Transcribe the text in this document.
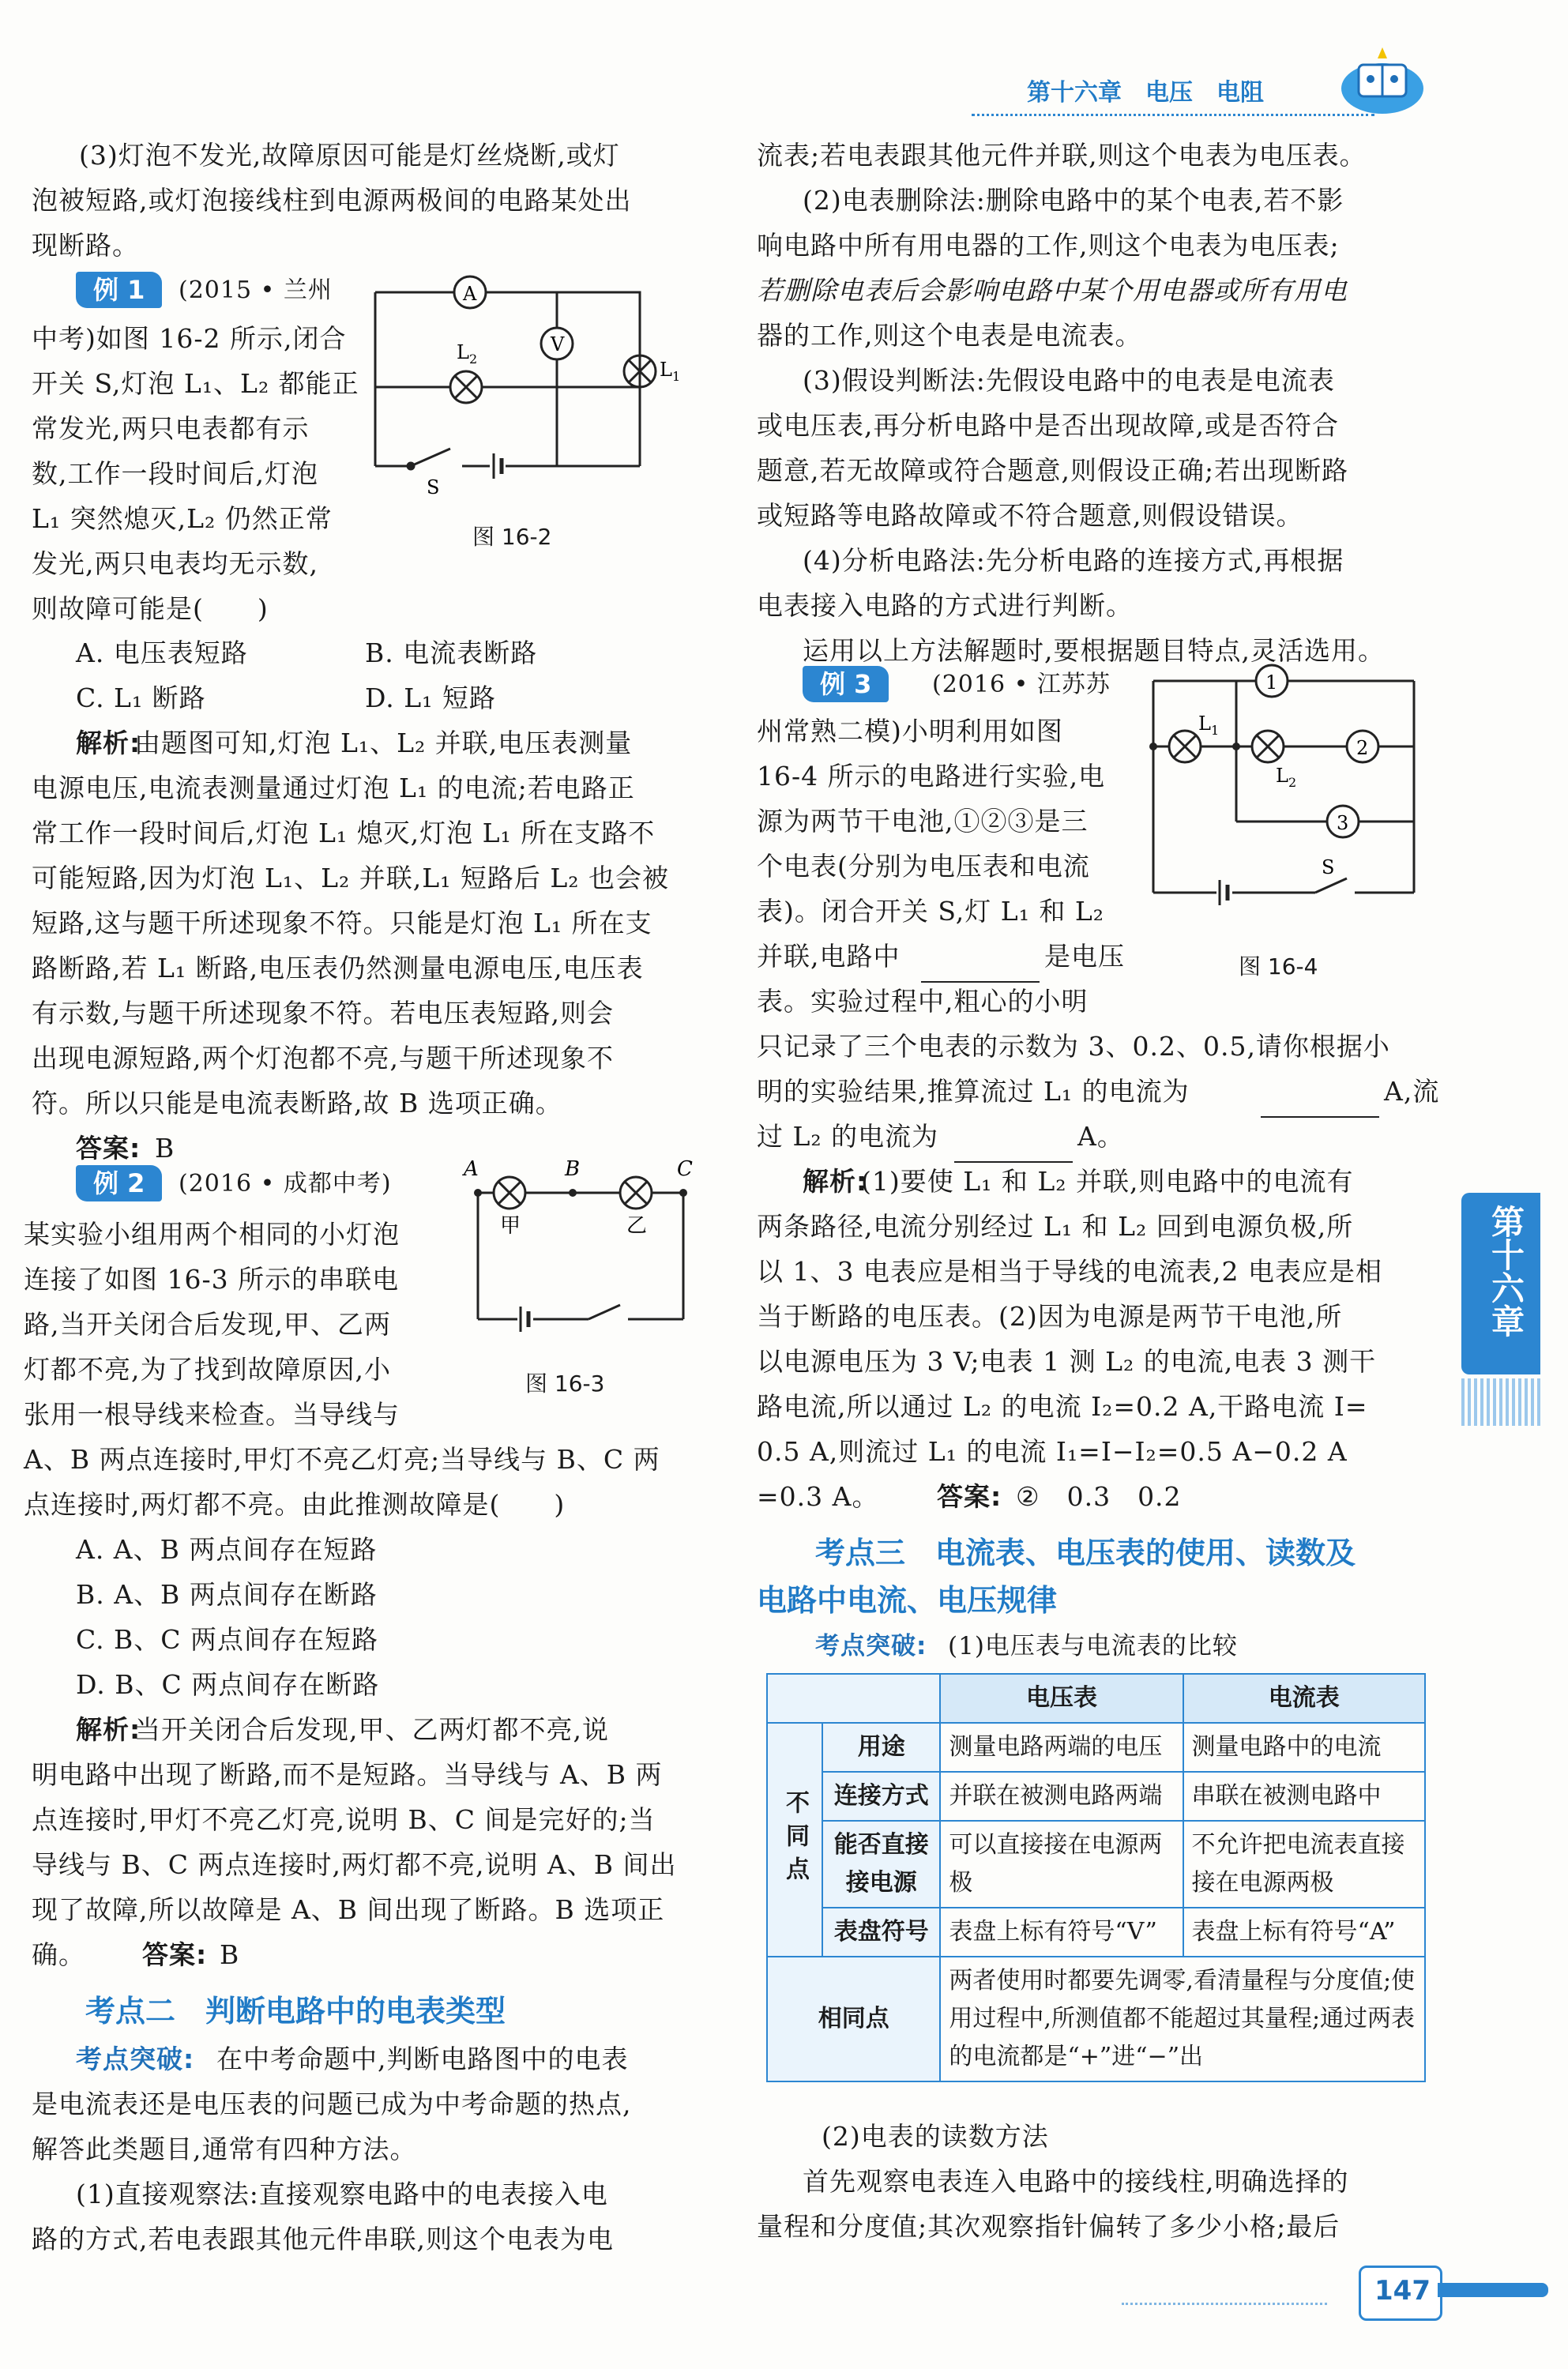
第十六章　电压　电阻
第十六章
(3)灯泡不发光,故障原因可能是灯丝烧断,或灯
泡被短路,或灯泡接线柱到电源两极间的电路某处出
现断路。
例 1	(2015 • 兰州
中考)如图 16-2 所示,闭合
开关 S,灯泡 L₁、L₂ 都能正
常发光,两只电表都有示
数,工作一段时间后,灯泡
L₁ 突然熄灭,L₂ 仍然正常
发光,两只电表均无示数,
则故障可能是(　　)
A
V
$L_2$	$L_1$
S
图 16-2
A. 电压表短路	B. 电流表断路
C. L₁ 断路	D. L₁ 短路
解析:
由题图可知,灯泡 L₁、L₂ 并联,电压表测量
电源电压,电流表测量通过灯泡 L₁ 的电流;若电路正
常工作一段时间后,灯泡 L₁ 熄灭,灯泡 L₁ 所在支路不
可能短路,因为灯泡 L₁、L₂ 并联,L₁ 短路后 L₂ 也会被
短路,这与题干所述现象不符。只能是灯泡 L₁ 所在支
路断路,若 L₁ 断路,电压表仍然测量电源电压,电压表
有示数,与题干所述现象不符。若电压表短路,则会
出现电源短路,两个灯泡都不亮,与题干所述现象不
符。所以只能是电流表断路,故 B 选项正确。
答案: B
例 2	(2016 • 成都中考)
某实验小组用两个相同的小灯泡
连接了如图 16-3 所示的串联电
路,当开关闭合后发现,甲、乙两
灯都不亮,为了找到故障原因,小
张用一根导线来检查。当导线与
A、B 两点连接时,甲灯不亮乙灯亮;当导线与 B、C 两
点连接时,两灯都不亮。由此推测故障是(　　)
A	B	C
甲	乙
图 16-3
A. A、B 两点间存在短路
B. A、B 两点间存在断路
C. B、C 两点间存在短路
D. B、C 两点间存在断路
解析:
当开关闭合后发现,甲、乙两灯都不亮,说
明电路中出现了断路,而不是短路。当导线与 A、B 两
点连接时,甲灯不亮乙灯亮,说明 B、C 间是完好的;当
导线与 B、C 两点连接时,两灯都不亮,说明 A、B 间出
现了故障,所以故障是 A、B 间出现了断路。B 选项正
确。	答案: B
考点二　判断电路中的电表类型
考点突破: 在中考命题中,判断电路图中的电表
是电流表还是电压表的问题已成为中考命题的热点,
解答此类题目,通常有四种方法。
(1)直接观察法:直接观察电路中的电表接入电
路的方式,若电表跟其他元件串联,则这个电表为电
流表;若电表跟其他元件并联,则这个电表为电压表。
(2)电表删除法:删除电路中的某个电表,若不影
响电路中所有用电器的工作,则这个电表为电压表;
若删除电表后会影响电路中某个用电器或所有用电
器的工作,则这个电表是电流表。
(3)假设判断法:先假设电路中的电表是电流表
或电压表,再分析电路中是否出现故障,或是否符合
题意,若无故障或符合题意,则假设正确;若出现断路
或短路等电路故障或不符合题意,则假设错误。
(4)分析电路法:先分析电路的连接方式,再根据
电表接入电路的方式进行判断。
运用以上方法解题时,要根据题目特点,灵活选用。
例 3	(2016 • 江苏苏
州常熟二模)小明利用如图
16-4 所示的电路进行实验,电
源为两节干电池,①②③是三
个电表(分别为电压表和电流
表)。闭合开关 S,灯 L₁ 和 L₂
并联,电路中	是电压
表。实验过程中,粗心的小明
只记录了三个电表的示数为 3、0.2、0.5,请你根据小
明的实验结果,推算流过 L₁ 的电流为	A,流
过 L₂ 的电流为	A。
1
2
3
$L_1$
$L_2$
S
图 16-4
解析:
(1)要使 L₁ 和 L₂ 并联,则电路中的电流有
两条路径,电流分别经过 L₁ 和 L₂ 回到电源负极,所
以 1、3 电表应是相当于导线的电流表,2 电表应是相
当于断路的电压表。(2)因为电源是两节干电池,所
以电源电压为 3 V;电表 1 测 L₂ 的电流,电表 3 测干
路电流,所以通过 L₂ 的电流 I₂=0.2 A,干路电流 I=
0.5 A,则流过 L₁ 的电流 I₁=I−I₂=0.5 A−0.2 A
=0.3 A。 答案: ②　0.3　0.2
考点三　电流表、电压表的使用、读数及
电路中电流、电压规律
考点突破: (1)电压表与电流表的比较
		电压表	电流表
不同点	用途	测量电路两端的电压	测量电路中的电流
	连接方式	并联在被测电路两端	串联在被测电路中
	能否直接接电源	可以直接接在电源两极	不允许把电流表直接接在电源两极
	表盘符号	表盘上标有符号“V”	表盘上标有符号“A”
相同点		两者使用时都要先调零,看清量程与分度值;使用过程中,所测值都不能超过其量程;通过两表的电流都是“+”进“−”出	
(2)电表的读数方法
首先观察电表连入电路中的接线柱,明确选择的
量程和分度值;其次观察指针偏转了多少小格;最后
147
